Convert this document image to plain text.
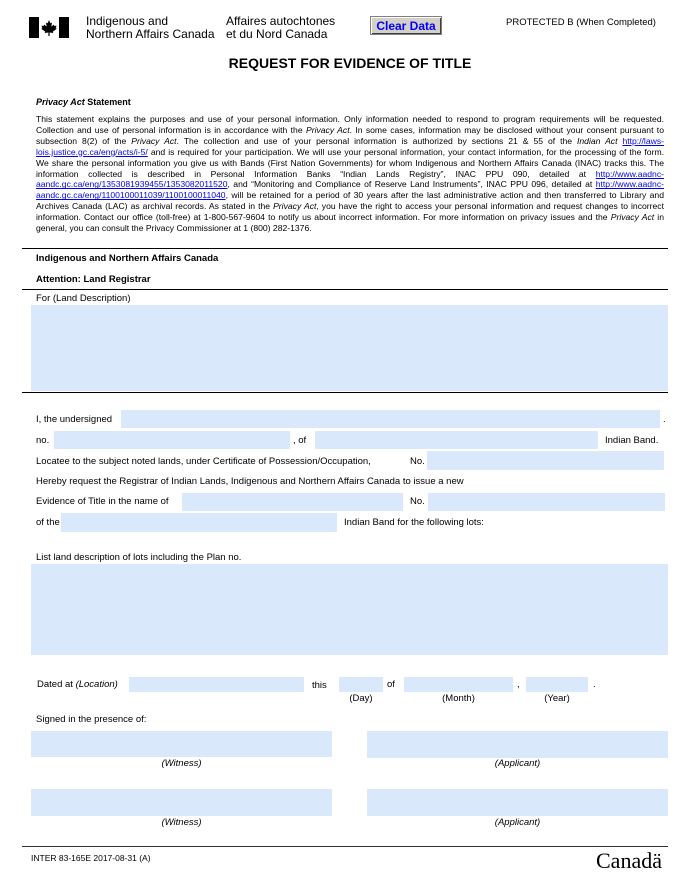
Indigenous and
Northern Affairs Canada
Affaires autochtones
et du Nord Canada
Clear Data	PROTECTED B (When Completed)
REQUEST FOR EVIDENCE OF TITLE
Privacy Act Statement
This statement explains the purposes and use of your personal information. Only information needed to respond to program requirements will be requested. Collection and use of personal information is in accordance with the Privacy Act. In some cases, information may be disclosed without your consent pursuant to subsection 8(2) of the Privacy Act. The collection and use of your personal information is authorized by sections 21 & 55 of the Indian Act http://laws-lois.justice.gc.ca/eng/acts/i-5/ and is required for your participation. We will use your personal information, your contact information, for the processing of the form. We share the personal information you give us with Bands (First Nation Governments) for whom Indigenous and Northern Affairs Canada (INAC) tracks this. The information collected is described in Personal Information Banks “Indian Lands Registry”, INAC PPU 090, detailed at http://www.aadnc-aandc.gc.ca/eng/1353081939455/1353082011520, and “Monitoring and Compliance of Reserve Land Instruments”, INAC PPU 096, detailed at http://www.aadnc-aandc.gc.ca/eng/1100100011039/1100100011040, will be retained for a period of 30 years after the last administrative action and then transferred to Library and Archives Canada (LAC) as archival records. As stated in the Privacy Act, you have the right to access your personal information and request changes to incorrect information. Contact our office (toll-free) at 1-800-567-9604 to notify us about incorrect information. For more information on privacy issues and the Privacy Act in general, you can consult the Privacy Commissioner at 1 (800) 282-1376.
Indigenous and Northern Affairs Canada
Attention: Land Registrar
For (Land Description)
I, the undersigned	.
no.	, of	Indian Band.
Locatee to the subject noted lands, under Certificate of Possession/Occupation,	No.
Hereby request the Registrar of Indian Lands, Indigenous and Northern Affairs Canada to issue a new
Evidence of Title in the name of	No.
of the	Indian Band for the following lots:
List land description of lots including the Plan no.
Dated at (Location)	this	of	,	.
(Day)	(Month)	(Year)
Signed in the presence of:
(Witness)	(Applicant)
(Witness)	(Applicant)
INTER 83-165E 2017-08-31 (A)	Canadä
